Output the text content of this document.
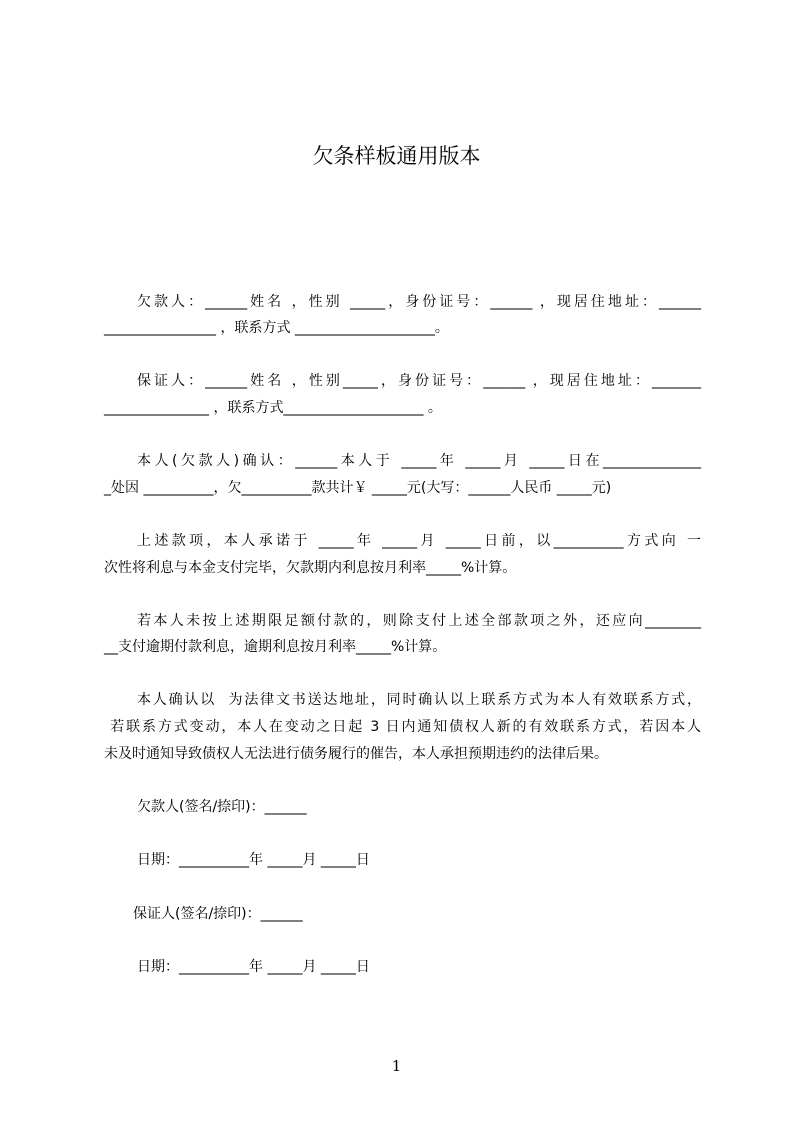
欠条样板通用版本
欠款人：______姓名 ，性别 _____，身份证号：______ ，现居住地址：______
________________ ，联系方式 ____________________。
保证人：______姓名 ，性别_____，身份证号：______ ，现居住地址：_______
_______________ ，联系方式____________________ 。
本人(欠款人)确认：______本人于 _____年 _____月 _____日在______________
_处因 __________，欠__________款共计￥ _____元(大写：______人民币 _____元)
上述款项，本人承诺于 _____年 _____月 _____日前，以__________方式向 一
次性将利息与本金支付完毕，欠款期内利息按月利率_____%计算。
若本人未按上述期限足额付款的，则除支付上述全部款项之外，还应向________
__支付逾期付款利息，逾期利息按月利率_____%计算。
本人确认以  为法律文书送达地址，同时确认以上联系方式为本人有效联系方式，
若联系方式变动，本人在变动之日起 3 日内通知债权人新的有效联系方式，若因本人
未及时通知导致债权人无法进行债务履行的催告，本人承担预期违约的法律后果。
欠款人(签名/捺印)：______
日期：__________年 _____月 _____日
保证人(签名/捺印)：______
日期：__________年 _____月 _____日
1
